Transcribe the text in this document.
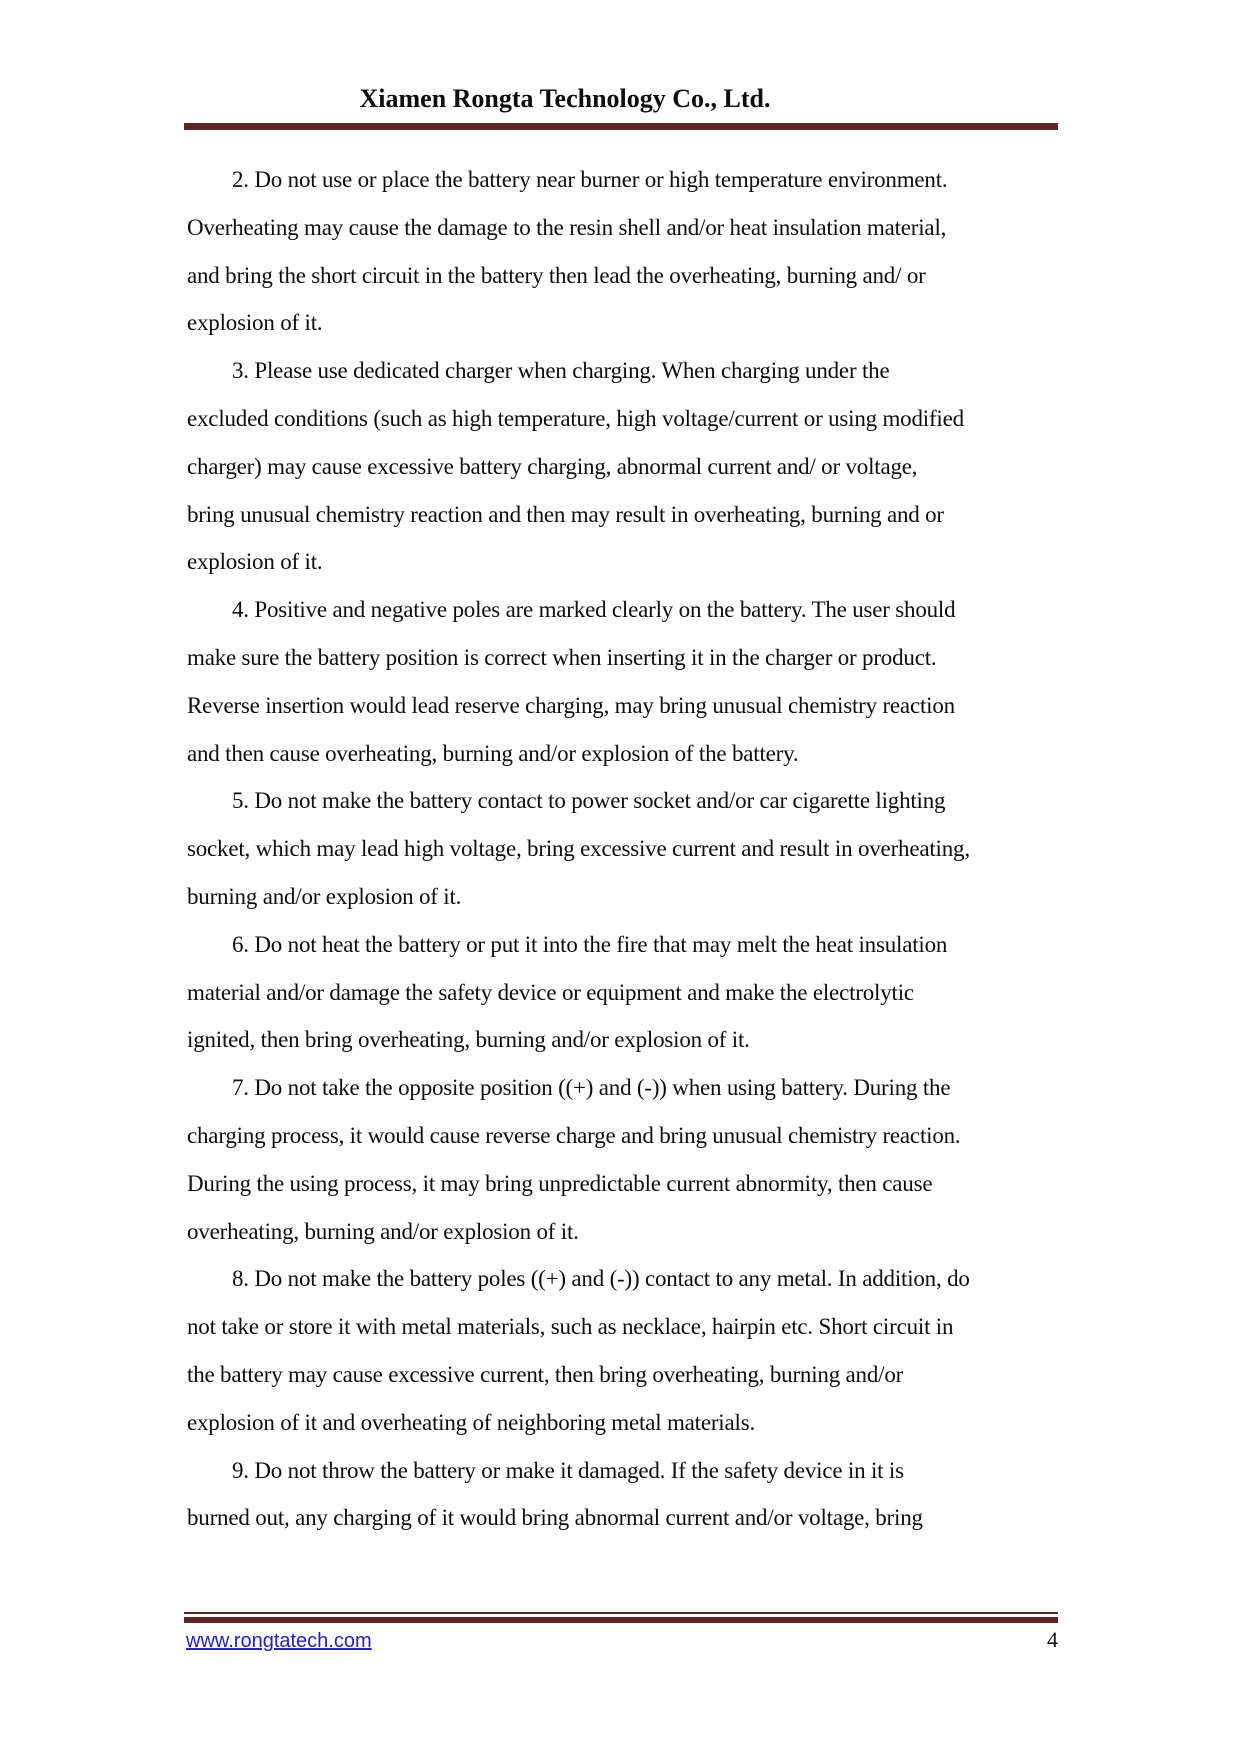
Xiamen Rongta Technology Co., Ltd.
2. Do not use or place the battery near burner or high temperature environment.
Overheating may cause the damage to the resin shell and/or heat insulation material,
and bring the short circuit in the battery then lead the overheating, burning and/ or
explosion of it.
3. Please use dedicated charger when charging. When charging under the
excluded conditions (such as high temperature, high voltage/current or using modified
charger) may cause excessive battery charging, abnormal current and/ or voltage,
bring unusual chemistry reaction and then may result in overheating, burning and or
explosion of it.
4. Positive and negative poles are marked clearly on the battery. The user should
make sure the battery position is correct when inserting it in the charger or product.
Reverse insertion would lead reserve charging, may bring unusual chemistry reaction
and then cause overheating, burning and/or explosion of the battery.
5. Do not make the battery contact to power socket and/or car cigarette lighting
socket, which may lead high voltage, bring excessive current and result in overheating,
burning and/or explosion of it.
6. Do not heat the battery or put it into the fire that may melt the heat insulation
material and/or damage the safety device or equipment and make the electrolytic
ignited, then bring overheating, burning and/or explosion of it.
7. Do not take the opposite position ((+) and (-)) when using battery. During the
charging process, it would cause reverse charge and bring unusual chemistry reaction.
During the using process, it may bring unpredictable current abnormity, then cause
overheating, burning and/or explosion of it.
8. Do not make the battery poles ((+) and (-)) contact to any metal. In addition, do
not take or store it with metal materials, such as necklace, hairpin etc. Short circuit in
the battery may cause excessive current, then bring overheating, burning and/or
explosion of it and overheating of neighboring metal materials.
9. Do not throw the battery or make it damaged. If the safety device in it is
burned out, any charging of it would bring abnormal current and/or voltage, bring
www.rongtatech.com	4
